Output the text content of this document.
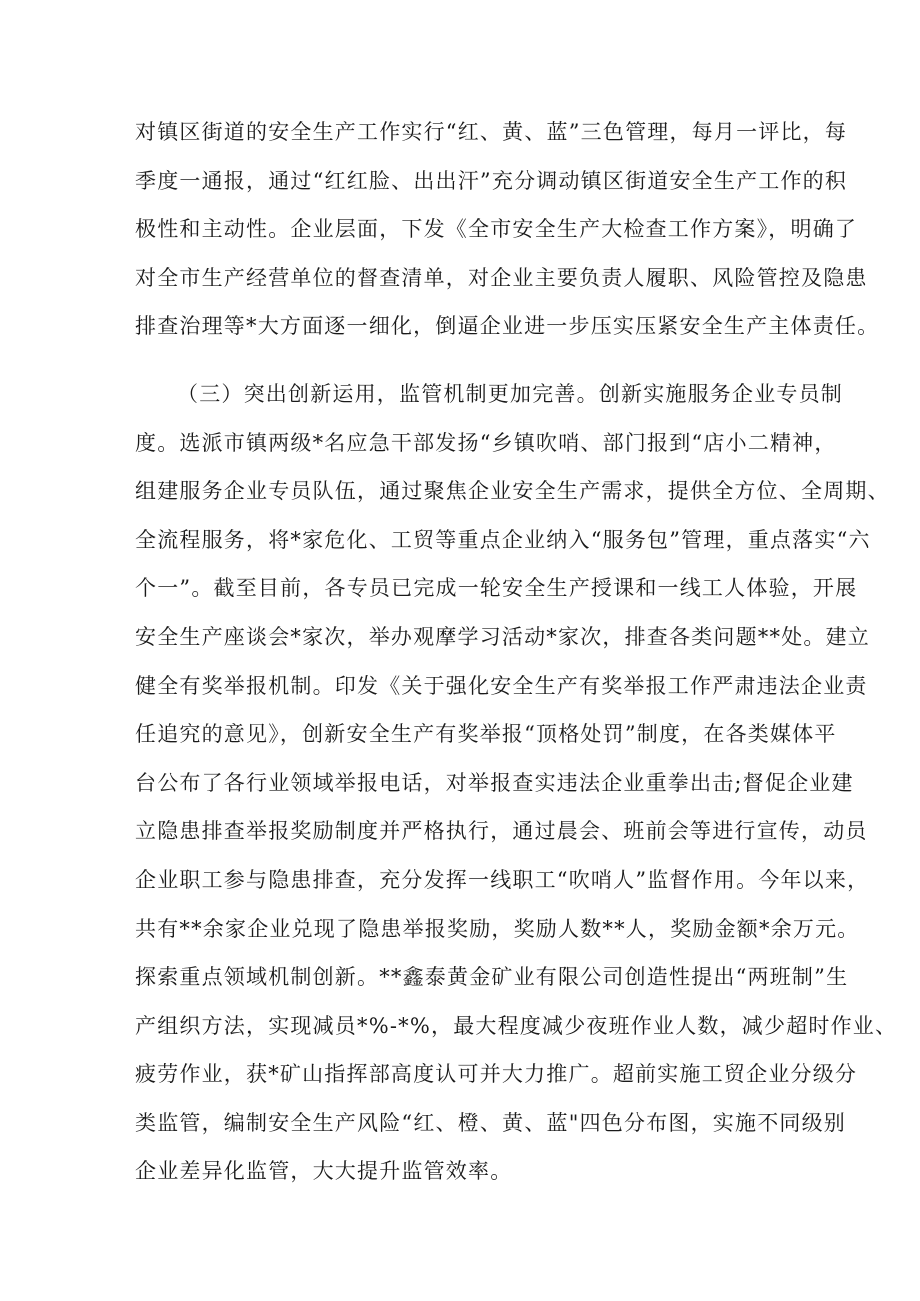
对镇区街道的安全生产工作实行“红、黄、蓝”三色管理，每月一评比，每
季度一通报，通过“红红脸、出出汗”充分调动镇区街道安全生产工作的积
极性和主动性。企业层面，下发《全市安全生产大检查工作方案》，明确了
对全市生产经营单位的督查清单，对企业主要负责人履职、风险管控及隐患
排查治理等*大方面逐一细化，倒逼企业进一步压实压紧安全生产主体责任。
（三）突出创新运用，监管机制更加完善。创新实施服务企业专员制
度。选派市镇两级*名应急干部发扬“乡镇吹哨、部门报到“店小二精神，
组建服务企业专员队伍，通过聚焦企业安全生产需求，提供全方位、全周期、
全流程服务，将*家危化、工贸等重点企业纳入“服务包”管理，重点落实“六
个一”。截至目前，各专员已完成一轮安全生产授课和一线工人体验，开展
安全生产座谈会*家次，举办观摩学习活动*家次，排查各类问题**处。建立
健全有奖举报机制。印发《关于强化安全生产有奖举报工作严肃违法企业责
任追究的意见》，创新安全生产有奖举报“顶格处罚”制度，在各类媒体平
台公布了各行业领域举报电话，对举报查实违法企业重拳出击;督促企业建
立隐患排查举报奖励制度并严格执行，通过晨会、班前会等进行宣传，动员
企业职工参与隐患排查，充分发挥一线职工“吹哨人”监督作用。今年以来，
共有**余家企业兑现了隐患举报奖励，奖励人数**人，奖励金额*余万元。
探索重点领域机制创新。**鑫泰黄金矿业有限公司创造性提出“两班制”生
产组织方法，实现减员*%-*%，最大程度减少夜班作业人数，减少超时作业、
疲劳作业，获*矿山指挥部高度认可并大力推广。超前实施工贸企业分级分
类监管，编制安全生产风险“红、橙、黄、蓝"四色分布图，实施不同级别
企业差异化监管，大大提升监管效率。
